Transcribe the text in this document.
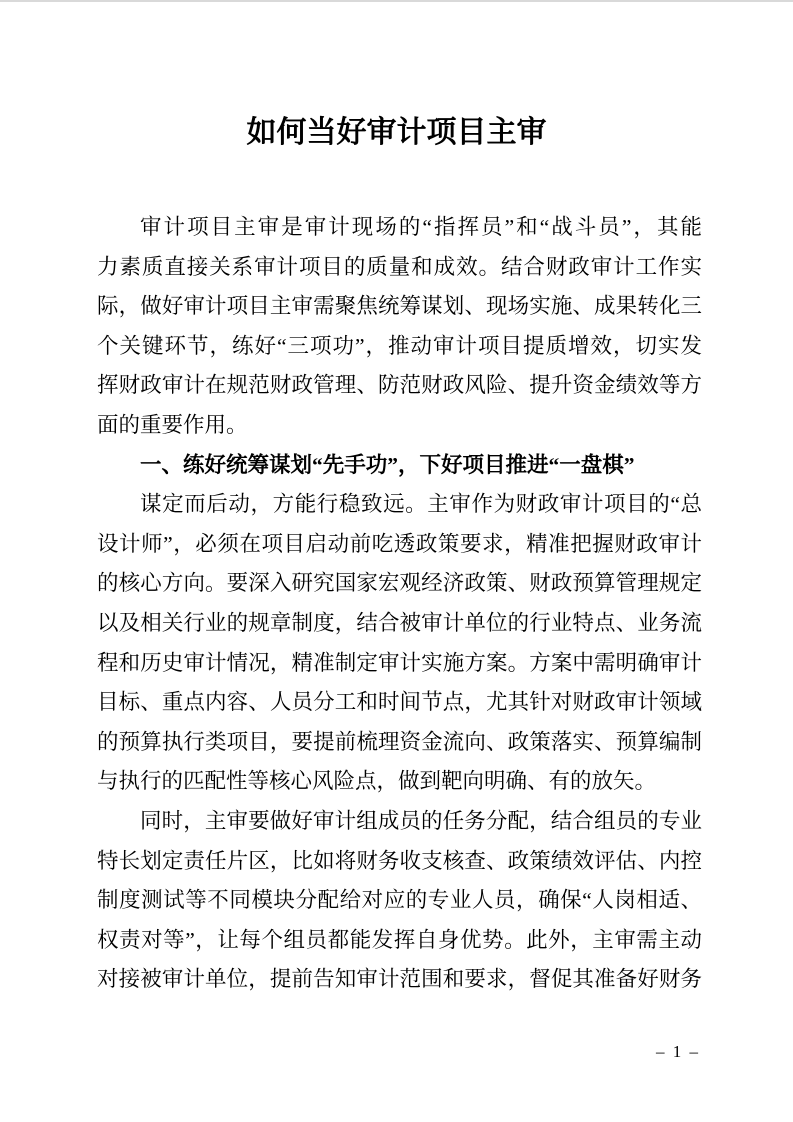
如何当好审计项目主审
审计项目主审是审计现场的“指挥员”和“战斗员”，其能
力素质直接关系审计项目的质量和成效。结合财政审计工作实
际，做好审计项目主审需聚焦统筹谋划、现场实施、成果转化三
个关键环节，练好“三项功”，推动审计项目提质增效，切实发
挥财政审计在规范财政管理、防范财政风险、提升资金绩效等方
面的重要作用。
一、练好统筹谋划“先手功”，下好项目推进“一盘棋”
谋定而后动，方能行稳致远。主审作为财政审计项目的“总
设计师”，必须在项目启动前吃透政策要求，精准把握财政审计
的核心方向。要深入研究国家宏观经济政策、财政预算管理规定
以及相关行业的规章制度，结合被审计单位的行业特点、业务流
程和历史审计情况，精准制定审计实施方案。方案中需明确审计
目标、重点内容、人员分工和时间节点，尤其针对财政审计领域
的预算执行类项目，要提前梳理资金流向、政策落实、预算编制
与执行的匹配性等核心风险点，做到靶向明确、有的放矢。
同时，主审要做好审计组成员的任务分配，结合组员的专业
特长划定责任片区，比如将财务收支核查、政策绩效评估、内控
制度测试等不同模块分配给对应的专业人员，确保“人岗相适、
权责对等”，让每个组员都能发挥自身优势。此外，主审需主动
对接被审计单位，提前告知审计范围和要求，督促其准备好财务
– 1 –
